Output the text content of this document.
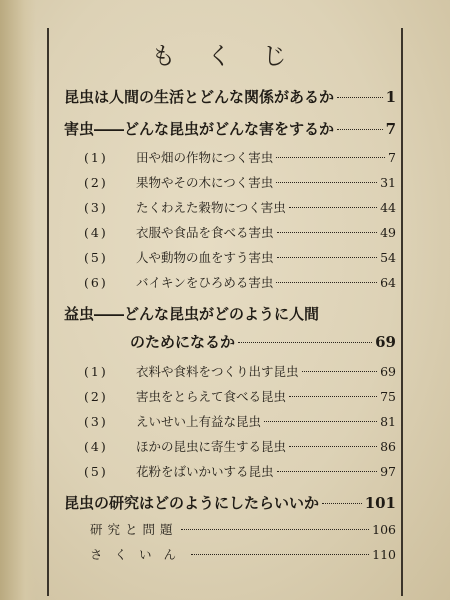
も く じ
昆虫は人間の生活とどんな関係があるか	1
害虫――どんな昆虫がどんな害をするか	7
(1)	田や畑の作物につく害虫	7
(2)	果物やその木につく害虫	31
(3)	たくわえた穀物につく害虫	44
(4)	衣服や食品を食べる害虫	49
(5)	人や動物の血をすう害虫	54
(6)	バイキンをひろめる害虫	64
益虫――どんな昆虫がどのように人間
のためになるか	69
(1)	衣料や食料をつくり出す昆虫	69
(2)	害虫をとらえて食べる昆虫	75
(3)	えいせい上有益な昆虫	81
(4)	ほかの昆虫に寄生する昆虫	86
(5)	花粉をばいかいする昆虫	97
昆虫の研究はどのようにしたらいいか	101
研究と問題	106
さくいん	110
